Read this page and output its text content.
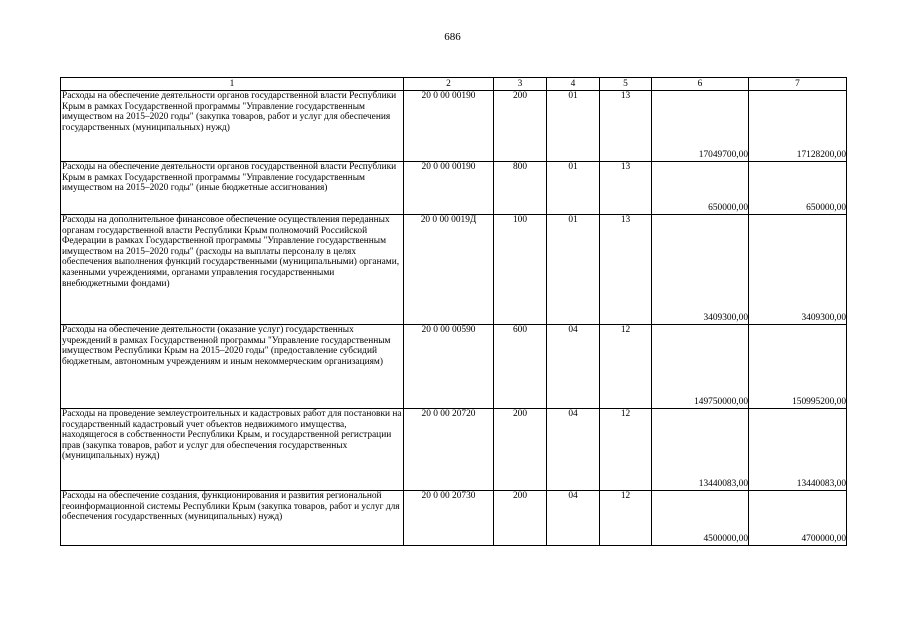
686
1	2	3	4	5	6	7
Расходы на обеспечение деятельности органов государственной власти Республики Крым в рамках Государственной программы "Управление государственным имуществом на 2015–2020 годы" (закупка товаров, работ и услуг для обеспечения государственных (муниципальных) нужд)	20 0 00 00190	200	01	13	17049700,00	17128200,00
Расходы на обеспечение деятельности органов государственной власти Республики Крым в рамках Государственной программы "Управление государственным имуществом на 2015–2020 годы" (иные бюджетные ассигнования)	20 0 00 00190	800	01	13	650000,00	650000,00
Расходы на дополнительное финансовое обеспечение осуществления переданных органам государственной власти Республики Крым полномочий Российской Федерации в рамках Государственной программы "Управление государственным имуществом на 2015–2020 годы" (расходы на выплаты персоналу в целях обеспечения выполнения функций государственными (муниципальными) органами, казенными учреждениями, органами управления государственными внебюджетными фондами)	20 0 00 0019Д	100	01	13	3409300,00	3409300,00
Расходы на обеспечение деятельности (оказание услуг) государственных учреждений в рамках Государственной программы "Управление государственным имуществом Республики Крым на 2015–2020 годы" (предоставление субсидий бюджетным, автономным учреждениям и иным некоммерческим организациям)	20 0 00 00590	600	04	12	149750000,00	150995200,00
Расходы на проведение землеустроительных и кадастровых работ для постановки на государственный кадастровый учет объектов недвижимого имущества, находящегося в собственности Республики Крым, и государственной регистрации прав (закупка товаров, работ и услуг для обеспечения государственных (муниципальных) нужд)	20 0 00 20720	200	04	12	13440083,00	13440083,00
Расходы на обеспечение создания, функционирования и развития региональной геоинформационной системы Республики Крым (закупка товаров, работ и услуг для обеспечения государственных (муниципальных) нужд)	20 0 00 20730	200	04	12	4500000,00	4700000,00
